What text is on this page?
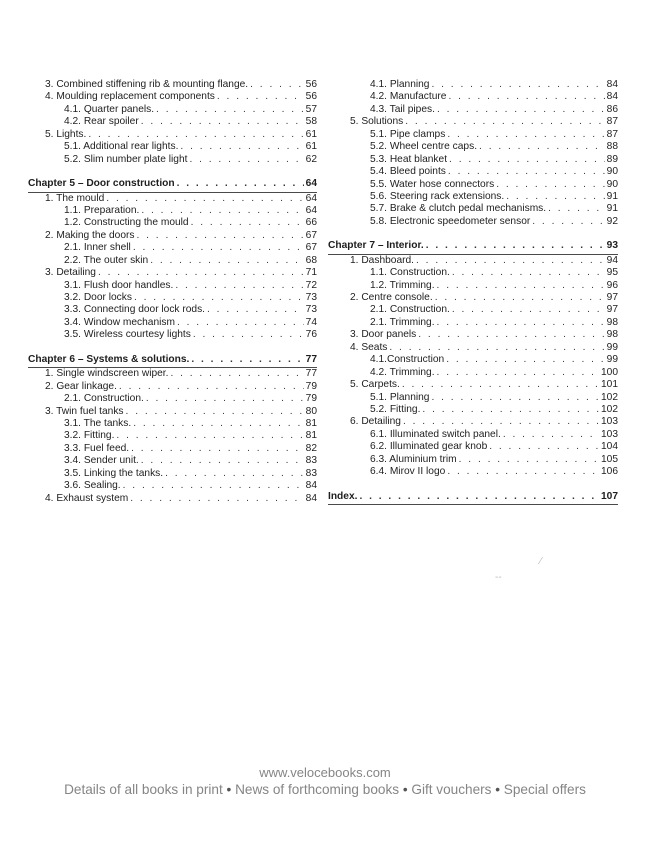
3. Combined stiffening rib & mounting flange. . . .	56
4. Moulding replacement components . . .	56
4.1. Quarter panels. . . .	57
4.2. Rear spoiler . . .	58
5. Lights. . . .	61
5.1. Additional rear lights. . . .	61
5.2. Slim number plate light . . .	62
Chapter 5 – Door construction . . .	64
1. The mould . . .	64
1.1. Preparation. . . .	64
1.2. Constructing the mould . . .	66
2. Making the doors . . .	67
2.1. Inner shell . . .	67
2.2. The outer skin . . .	68
3. Detailing . . .	71
3.1. Flush door handles. . . .	72
3.2. Door locks . . .	73
3.3. Connecting door lock rods. . . .	73
3.4. Window mechanism . . .	74
3.5. Wireless courtesy lights . . .	76
Chapter 6 – Systems & solutions. . . .	77
1. Single windscreen wiper. . . .	77
2. Gear linkage. . . .	79
2.1. Construction. . . .	79
3. Twin fuel tanks . . .	80
3.1. The tanks. . . .	81
3.2. Fitting. . . .	81
3.3. Fuel feed. . . .	82
3.4. Sender unit. . . .	83
3.5. Linking the tanks. . . .	83
3.6. Sealing. . . .	84
4. Exhaust system . . .	84
4.1. Planning . . .	84
4.2. Manufacture . . .	84
4.3. Tail pipes. . . .	86
5. Solutions . . .	87
5.1. Pipe clamps . . .	87
5.2. Wheel centre caps. . . .	88
5.3. Heat blanket . . .	89
5.4. Bleed points . . .	90
5.5. Water hose connectors . . .	90
5.6. Steering rack extensions. . . .	91
5.7. Brake & clutch pedal mechanisms. . . .	91
5.8. Electronic speedometer sensor . . .	92
Chapter 7 – Interior. . . .	93
1. Dashboard. . . .	94
1.1. Construction. . . .	95
1.2. Trimming. . . .	96
2. Centre console. . . .	97
2.1. Construction. . . .	97
2.1. Trimming. . . .	98
3. Door panels . . .	98
4. Seats . . .	99
4.1.Construction . . .	99
4.2. Trimming. . . .	100
5. Carpets. . . .	101
5.1. Planning . . .	102
5.2. Fitting. . . .	102
6. Detailing . . .	103
6.1. Illuminated switch panel. . . .	103
6.2. Illuminated gear knob . . .	104
6.3. Aluminium trim . . .	105
6.4. Mirov II logo . . .	106
Index. . . .	107
⁄
‑-
www.velocebooks.com
Details of all books in print • News of forthcoming books • Gift vouchers • Special offers
